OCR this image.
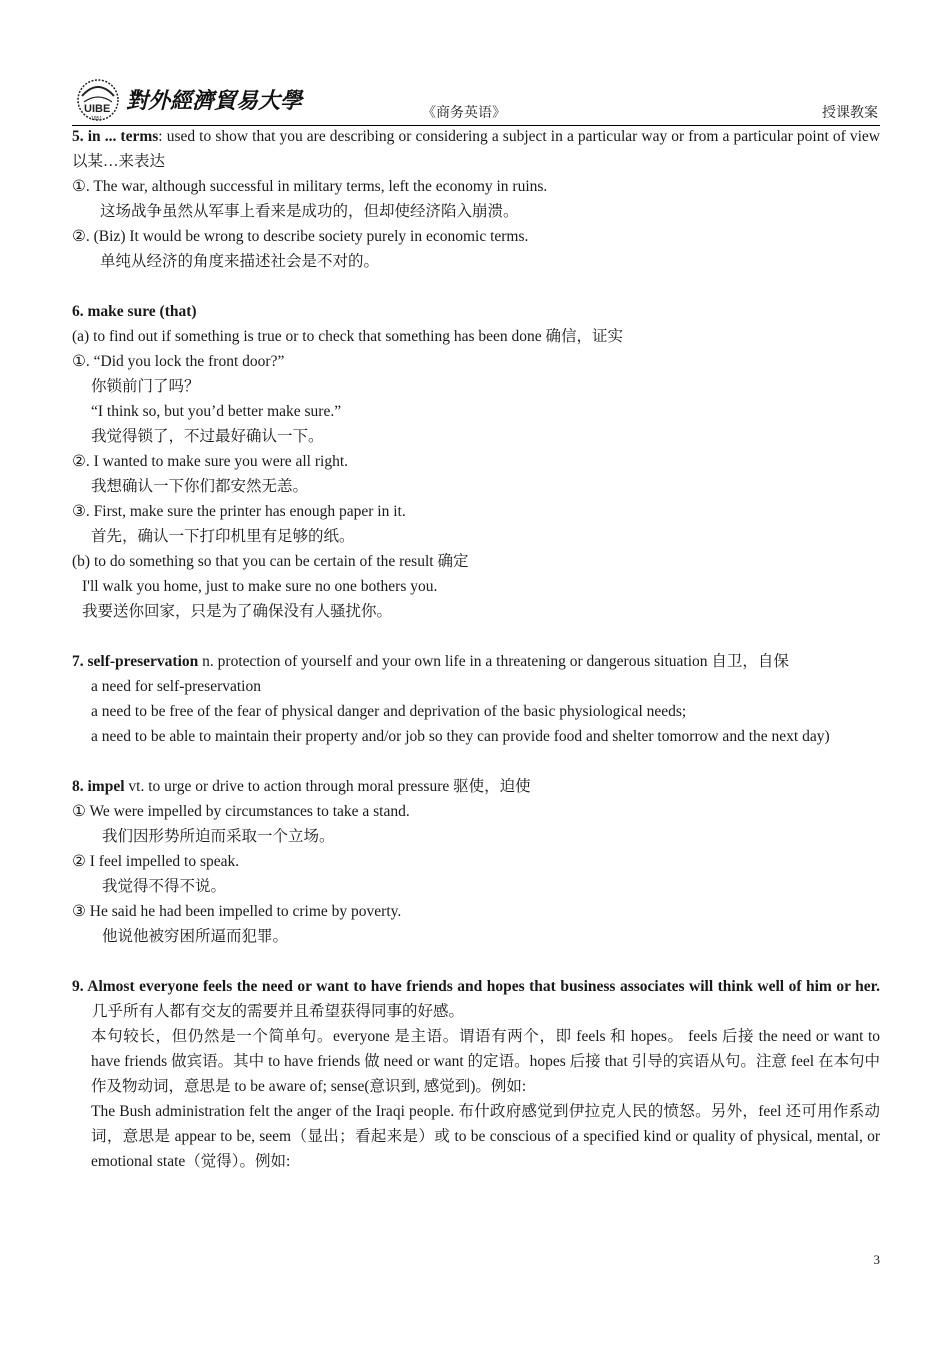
UIBE
1951
對外經濟貿易大學	《商务英语》	授课教案

5. in ... terms: used to show that you are describing or considering a subject in a particular way or from a particular point of view 以某…来表达

①. The war, although successful in military terms, left the economy in ruins.

这场战争虽然从军事上看来是成功的，但却使经济陷入崩溃。

②. (Biz) It would be wrong to describe society purely in economic terms.

单纯从经济的角度来描述社会是不对的。

6. make sure (that)

(a) to find out if something is true or to check that something has been done 确信，证实

①. “Did you lock the front door?”

你锁前门了吗？

“I think so, but you’d better make sure.”

我觉得锁了，不过最好确认一下。

②. I wanted to make sure you were all right.

我想确认一下你们都安然无恙。

③. First, make sure the printer has enough paper in it.

首先，确认一下打印机里有足够的纸。

(b) to do something so that you can be certain of the result 确定

I'll walk you home, just to make sure no one bothers you.

我要送你回家，只是为了确保没有人骚扰你。

7. self-preservation n. protection of yourself and your own life in a threatening or dangerous situation 自卫，自保

a need for self-preservation

a need to be free of the fear of physical danger and deprivation of the basic physiological needs;

a need to be able to maintain their property and/or job so they can provide food and shelter tomorrow and the next day)

8. impel vt. to urge or drive to action through moral pressure 驱使，迫使

① We were impelled by circumstances to take a stand.

我们因形势所迫而采取一个立场。

② I feel impelled to speak.

我觉得不得不说。

③ He said he had been impelled to crime by poverty.

他说他被穷困所逼而犯罪。

9. Almost everyone feels the need or want to have friends and hopes that business associates will think well of him or her. 几乎所有人都有交友的需要并且希望获得同事的好感。

本句较长，但仍然是一个简单句。everyone 是主语。谓语有两个，即 feels 和 hopes。 feels 后接 the need or want to have friends 做宾语。其中 to have friends 做 need or want 的定语。hopes 后接 that 引导的宾语从句。注意 feel 在本句中作及物动词，意思是 to be aware of; sense(意识到, 感觉到)。例如:

The Bush administration felt the anger of the Iraqi people. 布什政府感觉到伊拉克人民的愤怒。另外，feel 还可用作系动词，意思是 appear to be, seem（显出；看起来是）或 to be conscious of a specified kind or quality of physical, mental, or emotional state（觉得）。例如:

3
